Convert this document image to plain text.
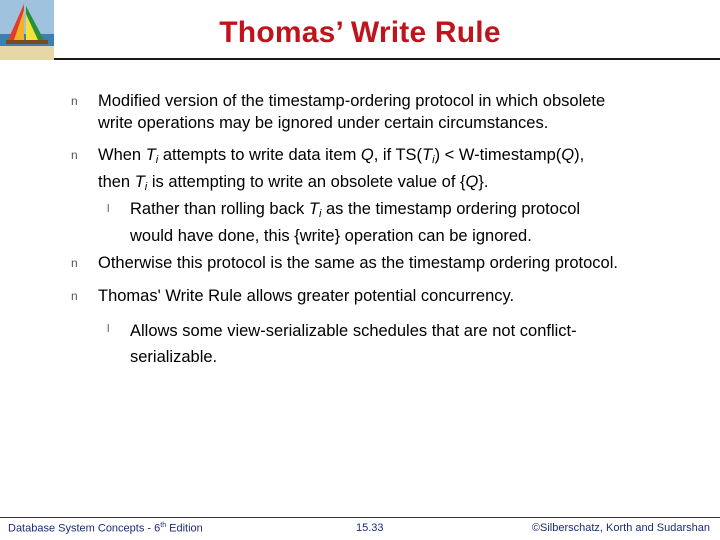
Thomas’ Write Rule
n Modified version of the timestamp-ordering protocol in which obsolete
write operations may be ignored under certain circumstances.
n When $T_i$ attempts to write data item Q, if $TS(T_i)$ < W-timestamp(Q),
then $T_i$ is attempting to write an obsolete value of {Q}.
l Rather than rolling back $T_i$ as the timestamp ordering protocol
would have done, this {write} operation can be ignored.
n Otherwise this protocol is the same as the timestamp ordering protocol.
n Thomas' Write Rule allows greater potential concurrency.
l Allows some view-serializable schedules that are not conflict-
serializable.
Database System Concepts - 6th Edition	15.33	©Silberschatz, Korth and Sudarshan
